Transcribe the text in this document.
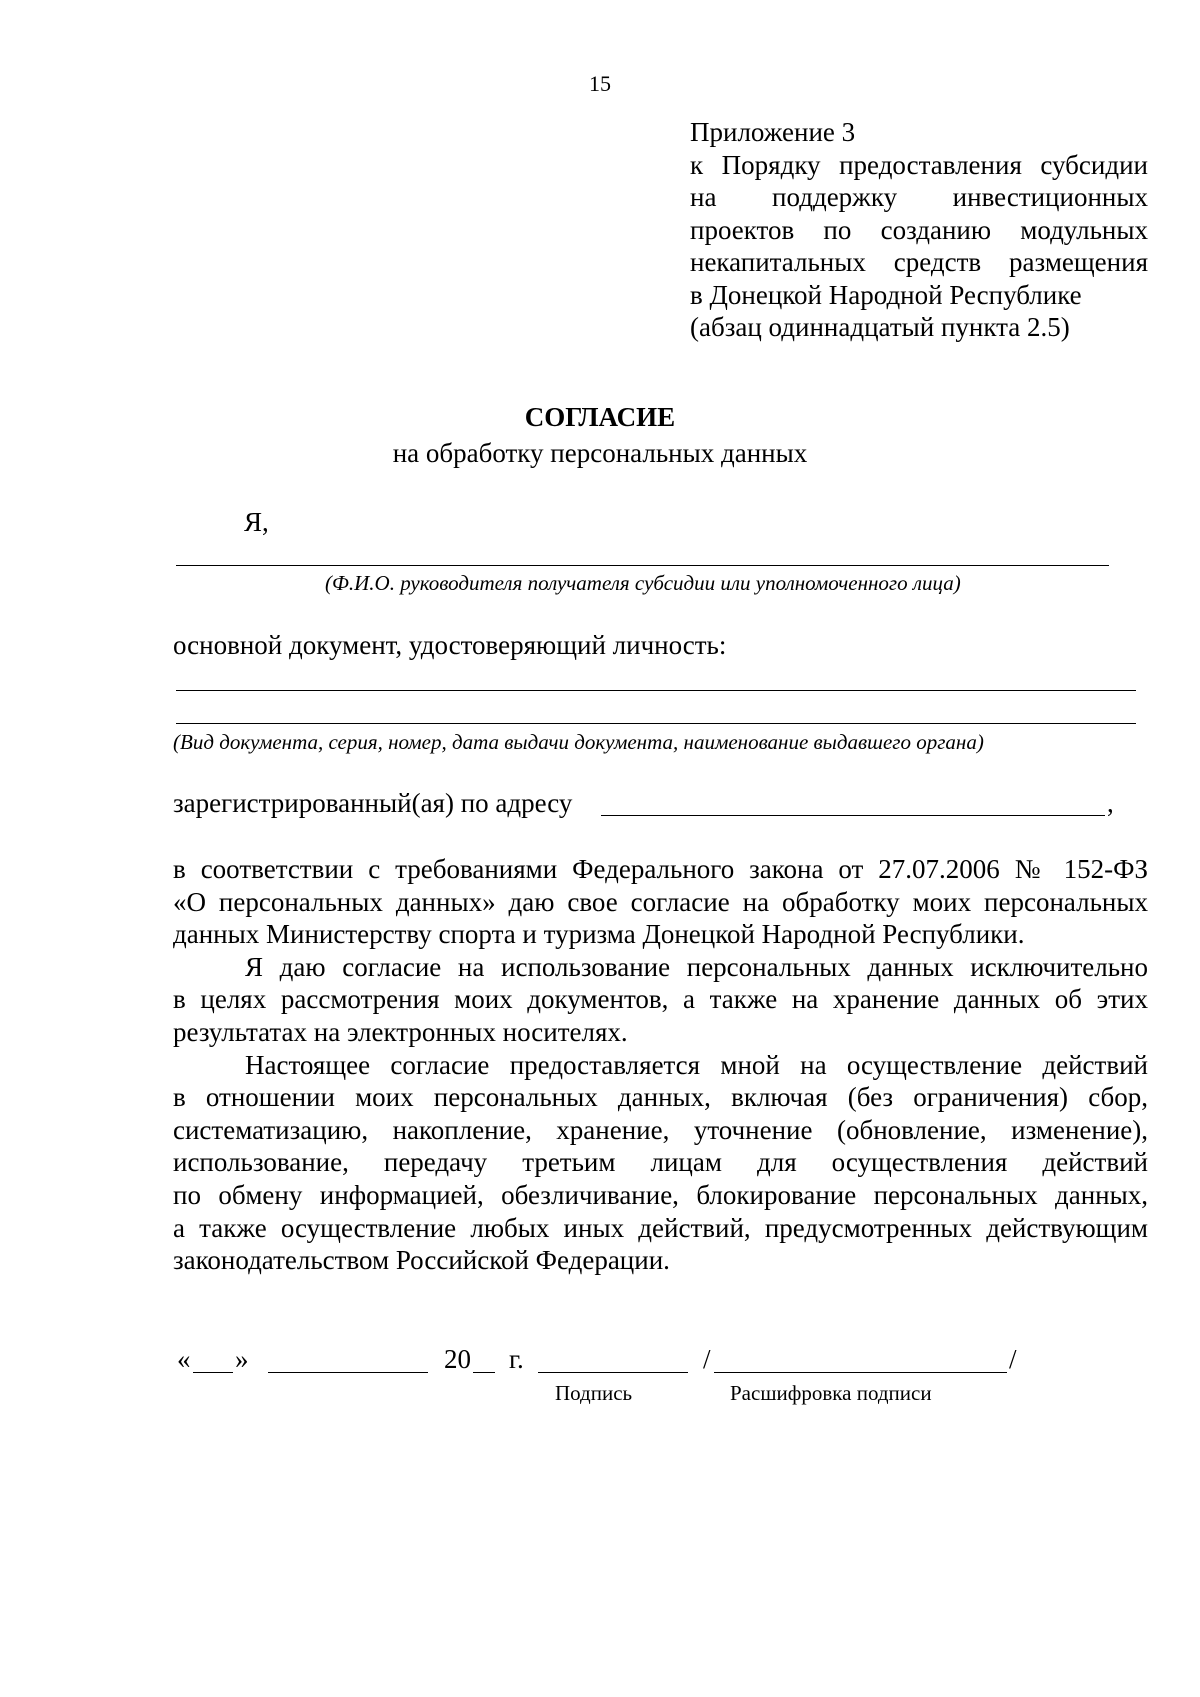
15
Приложение 3
к Порядку предоставления субсидии
на поддержку инвестиционных
проектов по созданию модульных
некапитальных средств размещения
в Донецкой Народной Республике
(абзац одиннадцатый пункта 2.5)
СОГЛАСИЕ
на обработку персональных данных
Я,
(Ф.И.О. руководителя получателя субсидии или уполномоченного лица)
основной документ, удостоверяющий личность:
(Вид документа, серия, номер, дата выдачи документа, наименование выдавшего органа)
зарегистрированный(ая) по адресу	,
в соответствии с требованиями Федерального закона от 27.07.2006 № 152-ФЗ
«О персональных данных» даю свое согласие на обработку моих персональных
данных Министерству спорта и туризма Донецкой Народной Республики.
Я даю согласие на использование персональных данных исключительно
в целях рассмотрения моих документов, а также на хранение данных об этих
результатах на электронных носителях.
Настоящее согласие предоставляется мной на осуществление действий
в отношении моих персональных данных, включая (без ограничения) сбор,
систематизацию, накопление, хранение, уточнение (обновление, изменение),
использование, передачу третьим лицам для осуществления действий
по обмену информацией, обезличивание, блокирование персональных данных,
а также осуществление любых иных действий, предусмотренных действующим
законодательством Российской Федерации.
« »	20 г.	/	/
Подпись	Расшифровка подписи
